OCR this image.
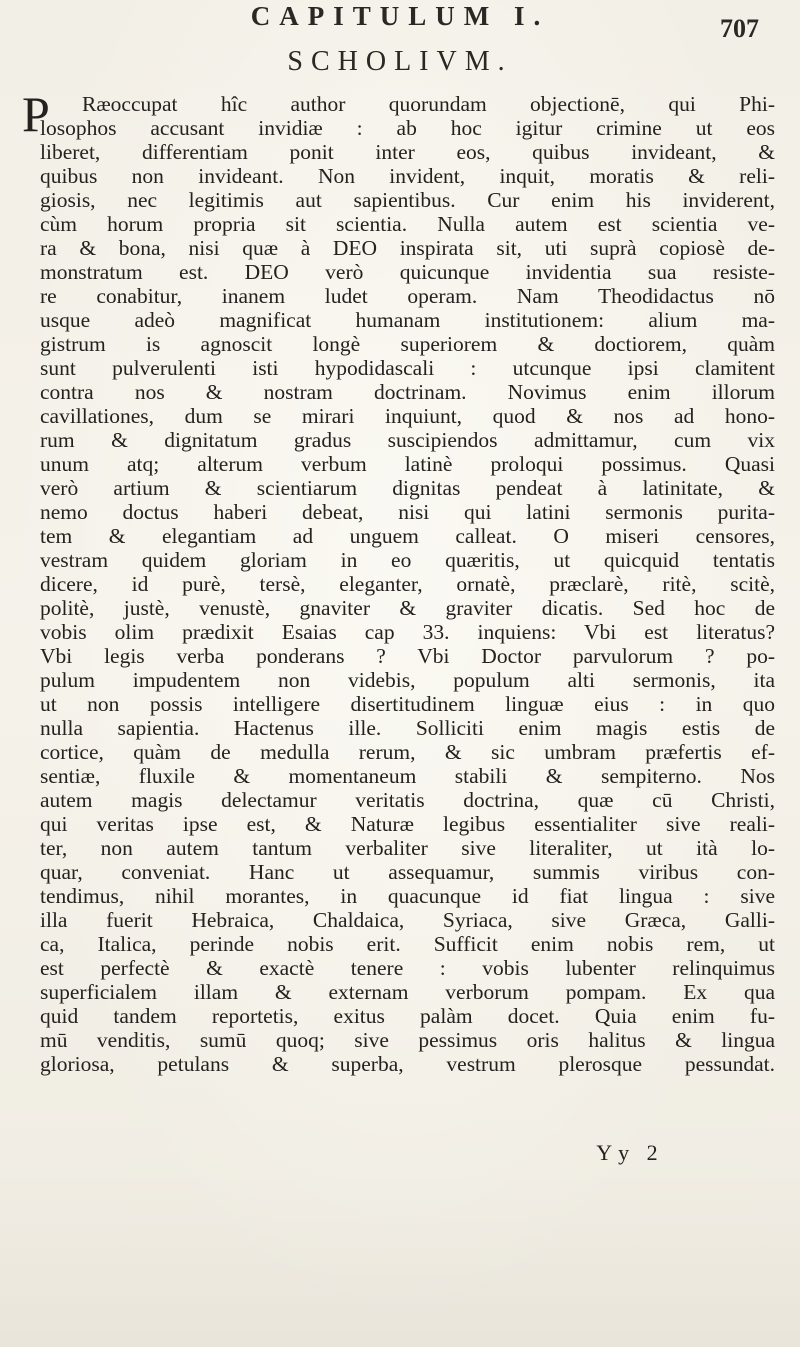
CAPITULUM I.	707
SCHOLIVM.
P	Ræoccupat hîc author quorundam objectionē, qui Phi-
losophos accusant invidiæ : ab hoc igitur crimine ut eos
liberet, differentiam ponit inter eos, quibus invideant, &
quibus non invideant. Non invident, inquit, moratis & reli-
giosis, nec legitimis aut sapientibus. Cur enim his inviderent,
cùm horum propria sit scientia. Nulla autem est scientia ve-
ra & bona, nisi quæ à DEO inspirata sit, uti suprà copiosè de-
monstratum est. DEO verò quicunque invidentia sua resiste-
re conabitur, inanem ludet operam. Nam Theodidactus nō
usque adeò magnificat humanam institutionem: alium ma-
gistrum is agnoscit longè superiorem & doctiorem, quàm
sunt pulverulenti isti hypodidascali : utcunque ipsi clamitent
contra nos & nostram doctrinam. Novimus enim illorum
cavillationes, dum se mirari inquiunt, quod & nos ad hono-
rum & dignitatum gradus suscipiendos admittamur, cum vix
unum atq; alterum verbum latinè proloqui possimus. Quasi
verò artium & scientiarum dignitas pendeat à latinitate, &
nemo doctus haberi debeat, nisi qui latini sermonis purita-
tem & elegantiam ad unguem calleat. O miseri censores,
vestram quidem gloriam in eo quæritis, ut quicquid tentatis
dicere, id purè, tersè, eleganter, ornatè, præclarè, ritè, scitè,
politè, justè, venustè, gnaviter & graviter dicatis. Sed hoc de
vobis olim prædixit Esaias cap 33. inquiens: Vbi est literatus?
Vbi legis verba ponderans ? Vbi Doctor parvulorum ? po-
pulum impudentem non videbis, populum alti sermonis, ita
ut non possis intelligere disertitudinem linguæ eius : in quo
nulla sapientia. Hactenus ille. Solliciti enim magis estis de
cortice, quàm de medulla rerum, & sic umbram præfertis ef-
sentiæ, fluxile & momentaneum stabili & sempiterno. Nos
autem magis delectamur veritatis doctrina, quæ cū Christi,
qui veritas ipse est, & Naturæ legibus essentialiter sive reali-
ter, non autem tantum verbaliter sive literaliter, ut ità lo-
quar, conveniat. Hanc ut assequamur, summis viribus con-
tendimus, nihil morantes, in quacunque id fiat lingua : sive
illa fuerit Hebraica, Chaldaica, Syriaca, sive Græca, Galli-
ca, Italica, perinde nobis erit. Sufficit enim nobis rem, ut
est perfectè & exactè tenere : vobis lubenter relinquimus
superficialem illam & externam verborum pompam. Ex qua
quid tandem reportetis, exitus palàm docet. Quia enim fu-
mū venditis, sumū quoq; sive pessimus oris halitus & lingua
gloriosa, petulans & superba, vestrum plerosque pessundat.
Yy 2
